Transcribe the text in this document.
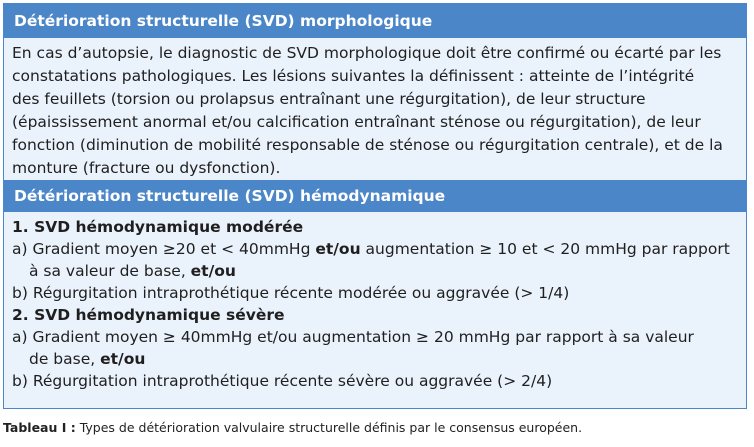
Détérioration structurelle (SVD) morphologique
En cas d’autopsie, le diagnostic de SVD morphologique doit être confirmé ou écarté par les
constatations pathologiques. Les lésions suivantes la définissent : atteinte de l’intégrité
des feuillets (torsion ou prolapsus entraînant une régurgitation), de leur structure
(épaississement anormal et/ou calcification entraînant sténose ou régurgitation), de leur
fonction (diminution de mobilité responsable de sténose ou régurgitation centrale), et de la
monture (fracture ou dysfonction).
Détérioration structurelle (SVD) hémodynamique
1. SVD hémodynamique modérée
a) Gradient moyen ≥20 et < 40mmHg et/ou augmentation ≥ 10 et < 20 mmHg par rapport
à sa valeur de base, et/ou
b) Régurgitation intraprothétique récente modérée ou aggravée (> 1/4)
2. SVD hémodynamique sévère
a) Gradient moyen ≥ 40mmHg et/ou augmentation ≥ 20 mmHg par rapport à sa valeur
de base, et/ou
b) Régurgitation intraprothétique récente sévère ou aggravée (> 2/4)
Tableau I : Types de détérioration valvulaire structurelle définis par le consensus européen.
